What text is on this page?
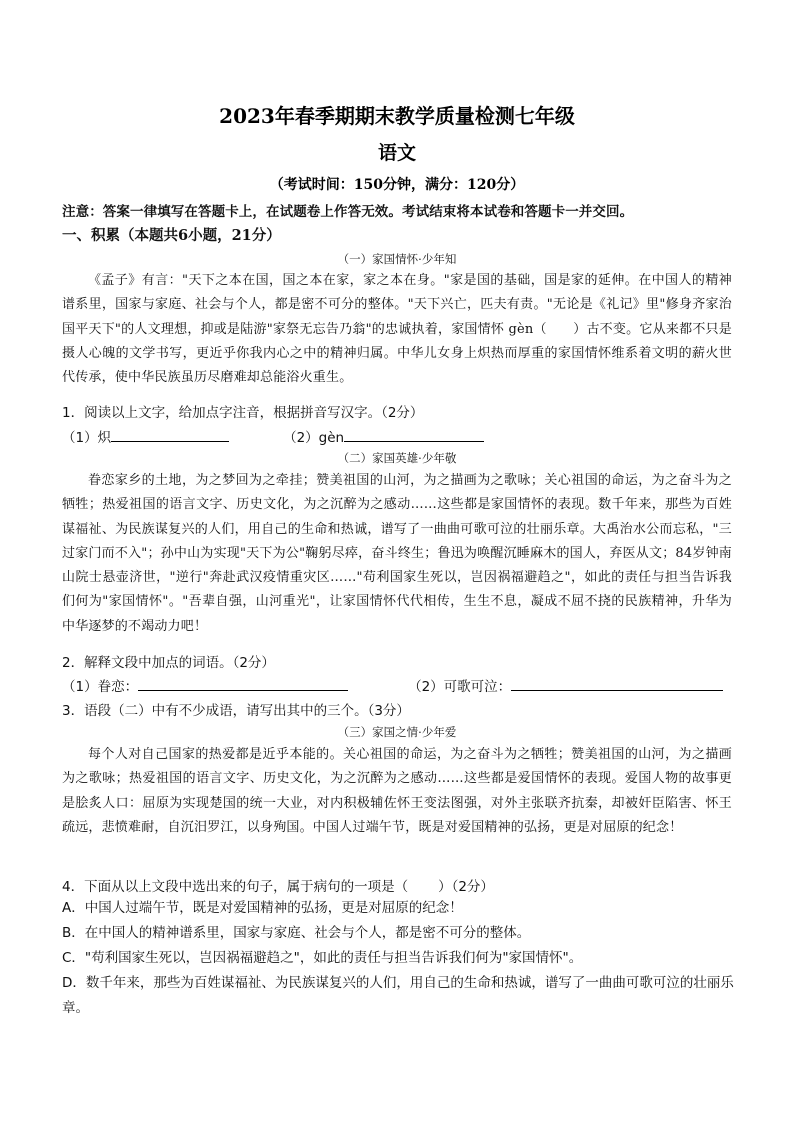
2023年春季期期末教学质量检测七年级
语文
（考试时间：150分钟，满分：120分）
注意：答案一律填写在答题卡上，在试题卷上作答无效。考试结束将本试卷和答题卡一并交回。
一、积累（本题共6小题，21分）
（一）家国情怀·少年知
《孟子》有言："天下之本在国，国之本在家，家之本在身。"家是国的基础，国是家的延伸。在中国人的精神谱系里，国家与家庭、社会与个人，都是密不可分的整体。"天下兴亡，匹夫有责。"无论是《礼记》里"修身齐家治国平天下"的人文理想，抑或是陆游"家祭无忘告乃翁"的忠诚执着，家国情怀 gèn（　　）古不变。它从来都不只是摄人心魄的文学书写，更近乎你我内心之中的精神归属。中华儿女身上炽热而厚重的家国情怀维系着文明的薪火世代传承，使中华民族虽历尽磨难却总能浴火重生。
1．阅读以上文字，给加点字注音，根据拼音写汉字。（2分）
（1）炽	（2）gèn
（二）家国英雄·少年敬
眷恋家乡的土地，为之梦回为之牵挂；赞美祖国的山河，为之描画为之歌咏；关心祖国的命运，为之奋斗为之牺牲；热爱祖国的语言文字、历史文化，为之沉醉为之感动……这些都是家国情怀的表现。数千年来，那些为百姓谋福祉、为民族谋复兴的人们，用自己的生命和热诚，谱写了一曲曲可歌可泣的壮丽乐章。大禹治水公而忘私，"三过家门而不入"；孙中山为实现"天下为公"鞠躬尽瘁，奋斗终生；鲁迅为唤醒沉睡麻木的国人，弃医从文；84岁钟南山院士悬壶济世，"逆行"奔赴武汉疫情重灾区……"苟利国家生死以，岂因祸福避趋之"，如此的责任与担当告诉我们何为"家国情怀"。"吾辈自强，山河重光"，让家国情怀代代相传，生生不息，凝成不屈不挠的民族精神，升华为中华逐梦的不竭动力吧！
2．解释文段中加点的词语。（2分）
（1）眷恋：	（2）可歌可泣：
3．语段（二）中有不少成语，请写出其中的三个。（3分）
（三）家国之情·少年爱
每个人对自己国家的热爱都是近乎本能的。关心祖国的命运，为之奋斗为之牺牲；赞美祖国的山河，为之描画为之歌咏；热爱祖国的语言文字、历史文化，为之沉醉为之感动……这些都是爱国情怀的表现。爱国人物的故事更是脍炙人口：屈原为实现楚国的统一大业，对内积极辅佐怀王变法图强，对外主张联齐抗秦，却被奸臣陷害、怀王疏远，悲愤难耐，自沉汨罗江，以身殉国。中国人过端午节，既是对爱国精神的弘扬，更是对屈原的纪念！
4．下面从以上文段中选出来的句子，属于病句的一项是（ ）（2分）
A．中国人过端午节，既是对爱国精神的弘扬，更是对屈原的纪念！
B．在中国人的精神谱系里，国家与家庭、社会与个人，都是密不可分的整体。
C．"苟利国家生死以，岂因祸福避趋之"，如此的责任与担当告诉我们何为"家国情怀"。
D．数千年来，那些为百姓谋福祉、为民族谋复兴的人们，用自己的生命和热诚，谱写了一曲曲可歌可泣的壮丽乐章。
